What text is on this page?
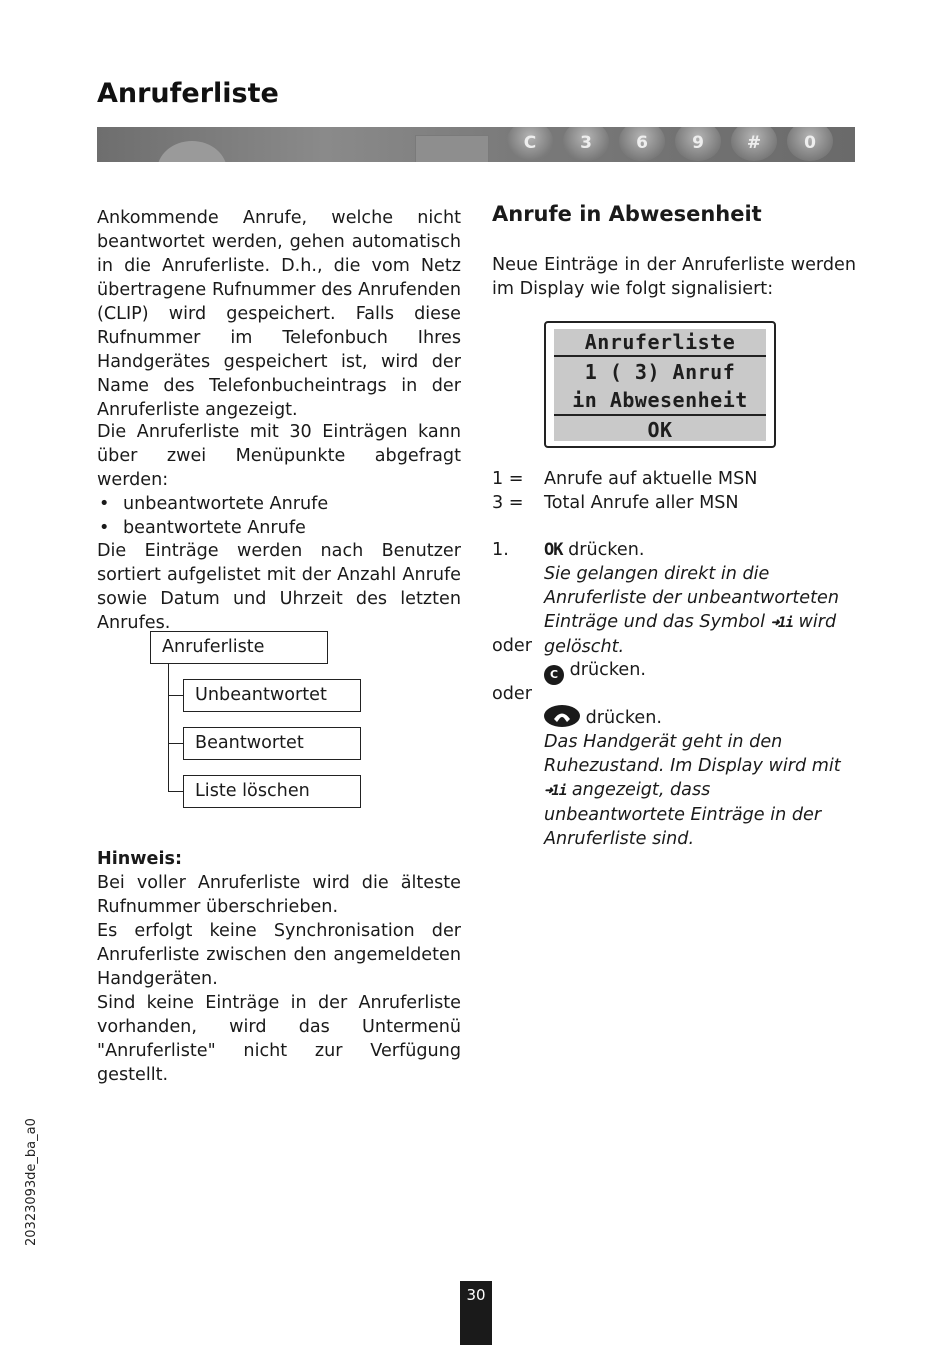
Anruferliste
C	3	6	9	#	0

Ankommende Anrufe, welche nicht beantwortet werden, gehen automatisch in die Anruferliste. D.h., die vom Netz übertragene Rufnummer des Anrufenden (CLIP) wird gespeichert. Falls diese Rufnummer im Telefonbuch Ihres Handgerätes gespeichert ist, wird der Name des Telefonbucheintrags in der Anruferliste angezeigt.

Die Anruferliste mit 30 Einträgen kann über zwei Menüpunkte abgefragt werden:

• unbeantwortete Anrufe
• beantwortete Anrufe

Die Einträge werden nach Benutzer sortiert aufgelistet mit der Anzahl Anrufe sowie Datum und Uhrzeit des letzten Anrufes.

Anruferliste
Unbeantwortet
Beantwortet
Liste löschen
Hinweis:

Bei voller Anruferliste wird die älteste Rufnummer überschrieben.

Es erfolgt keine Synchronisation der Anruferliste zwischen den angemeldeten Handgeräten.

Sind keine Einträge in der Anruferliste vorhanden, wird das Untermenü "Anruferliste" nicht zur Verfügung gestellt.

Anrufe in Abwesenheit

Neue Einträge in der Anruferliste werden im Display wie folgt signalisiert:

Anruferliste
1 ( 3) Anruf
in Abwesenheit
OK
1 =	Anrufe auf aktuelle MSN
3 =	Total Anrufe aller MSN
1. OK drücken.
Sie gelangen direkt in die Anruferliste der unbeantworteten Einträge und das Symbol ➜1i wird gelöscht.
oder
C drücken.
oder
drücken.
Das Handgerät geht in den Ruhezustand. Im Display wird mit ➜1i angezeigt, dass unbeantwortete Einträge in der Anruferliste sind.
20323093de_ba_a0
30
